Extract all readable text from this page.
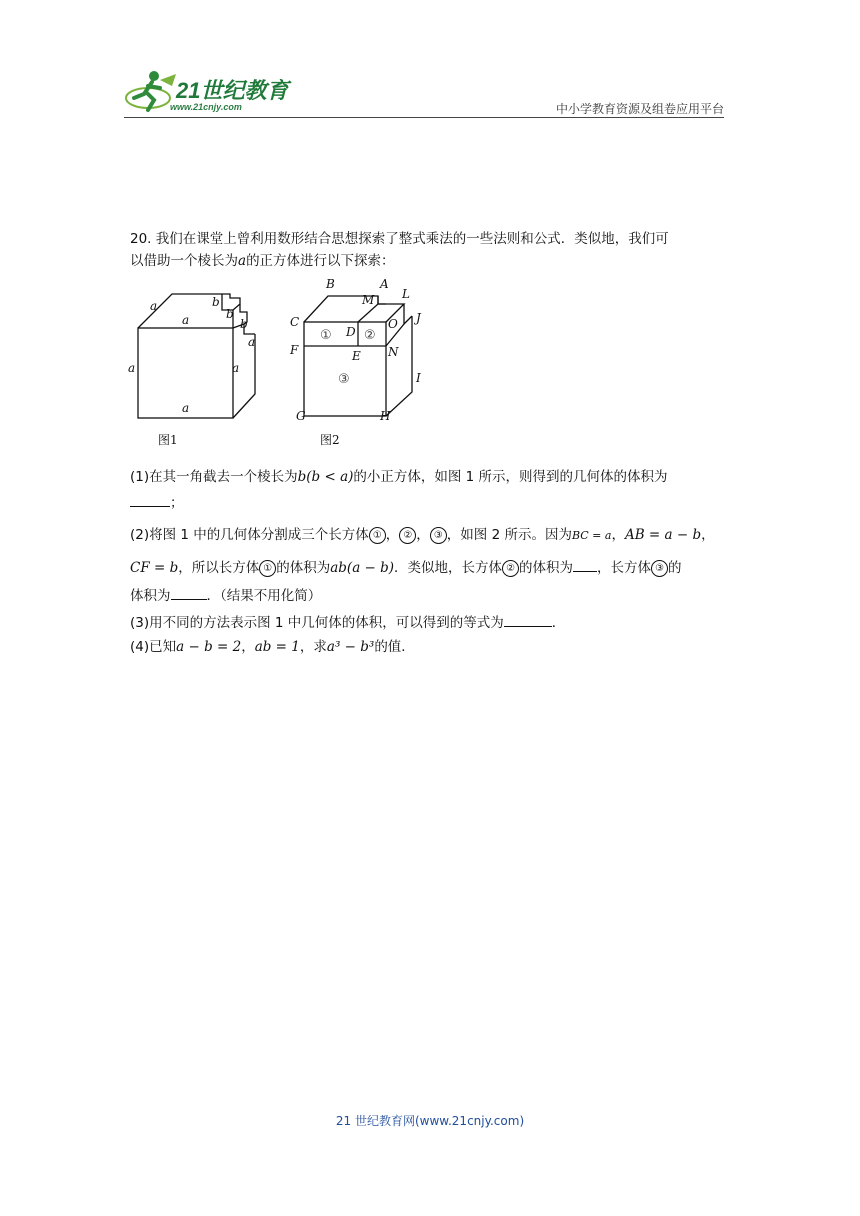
21世纪教育
www.21cnjy.com	中小学教育资源及组卷应用平台
20. 我们在课堂上曾利用数形结合思想探索了整式乘法的一些法则和公式．类似地，我们可
以借助一个棱长为a的正方体进行以下探索：
a
a
b
b
b
a
a	a
a
图1
B	A
M L
C
D
O J
F	E N
I
G	H
① ②
③
图2
(1)在其一角截去一个棱长为b(b < a)的小正方体，如图 1 所示，则得到的几何体的体积为
；
(2)将图 1 中的几何体分割成三个长方体 ① ， ② ， ③ ，如图 2 所示。因为BC = a，AB = a − b，
CF = b，所以长方体 ① 的体积为ab(a − b)．类似地，长方体 ② 的体积为 ，长方体 ③ 的
体积为	．（结果不用化简）
(3)用不同的方法表示图 1 中几何体的体积，可以得到的等式为	．
(4)已知a − b = 2，ab = 1，求a³ − b³的值．
21 世纪教育网(www.21cnjy.com)
